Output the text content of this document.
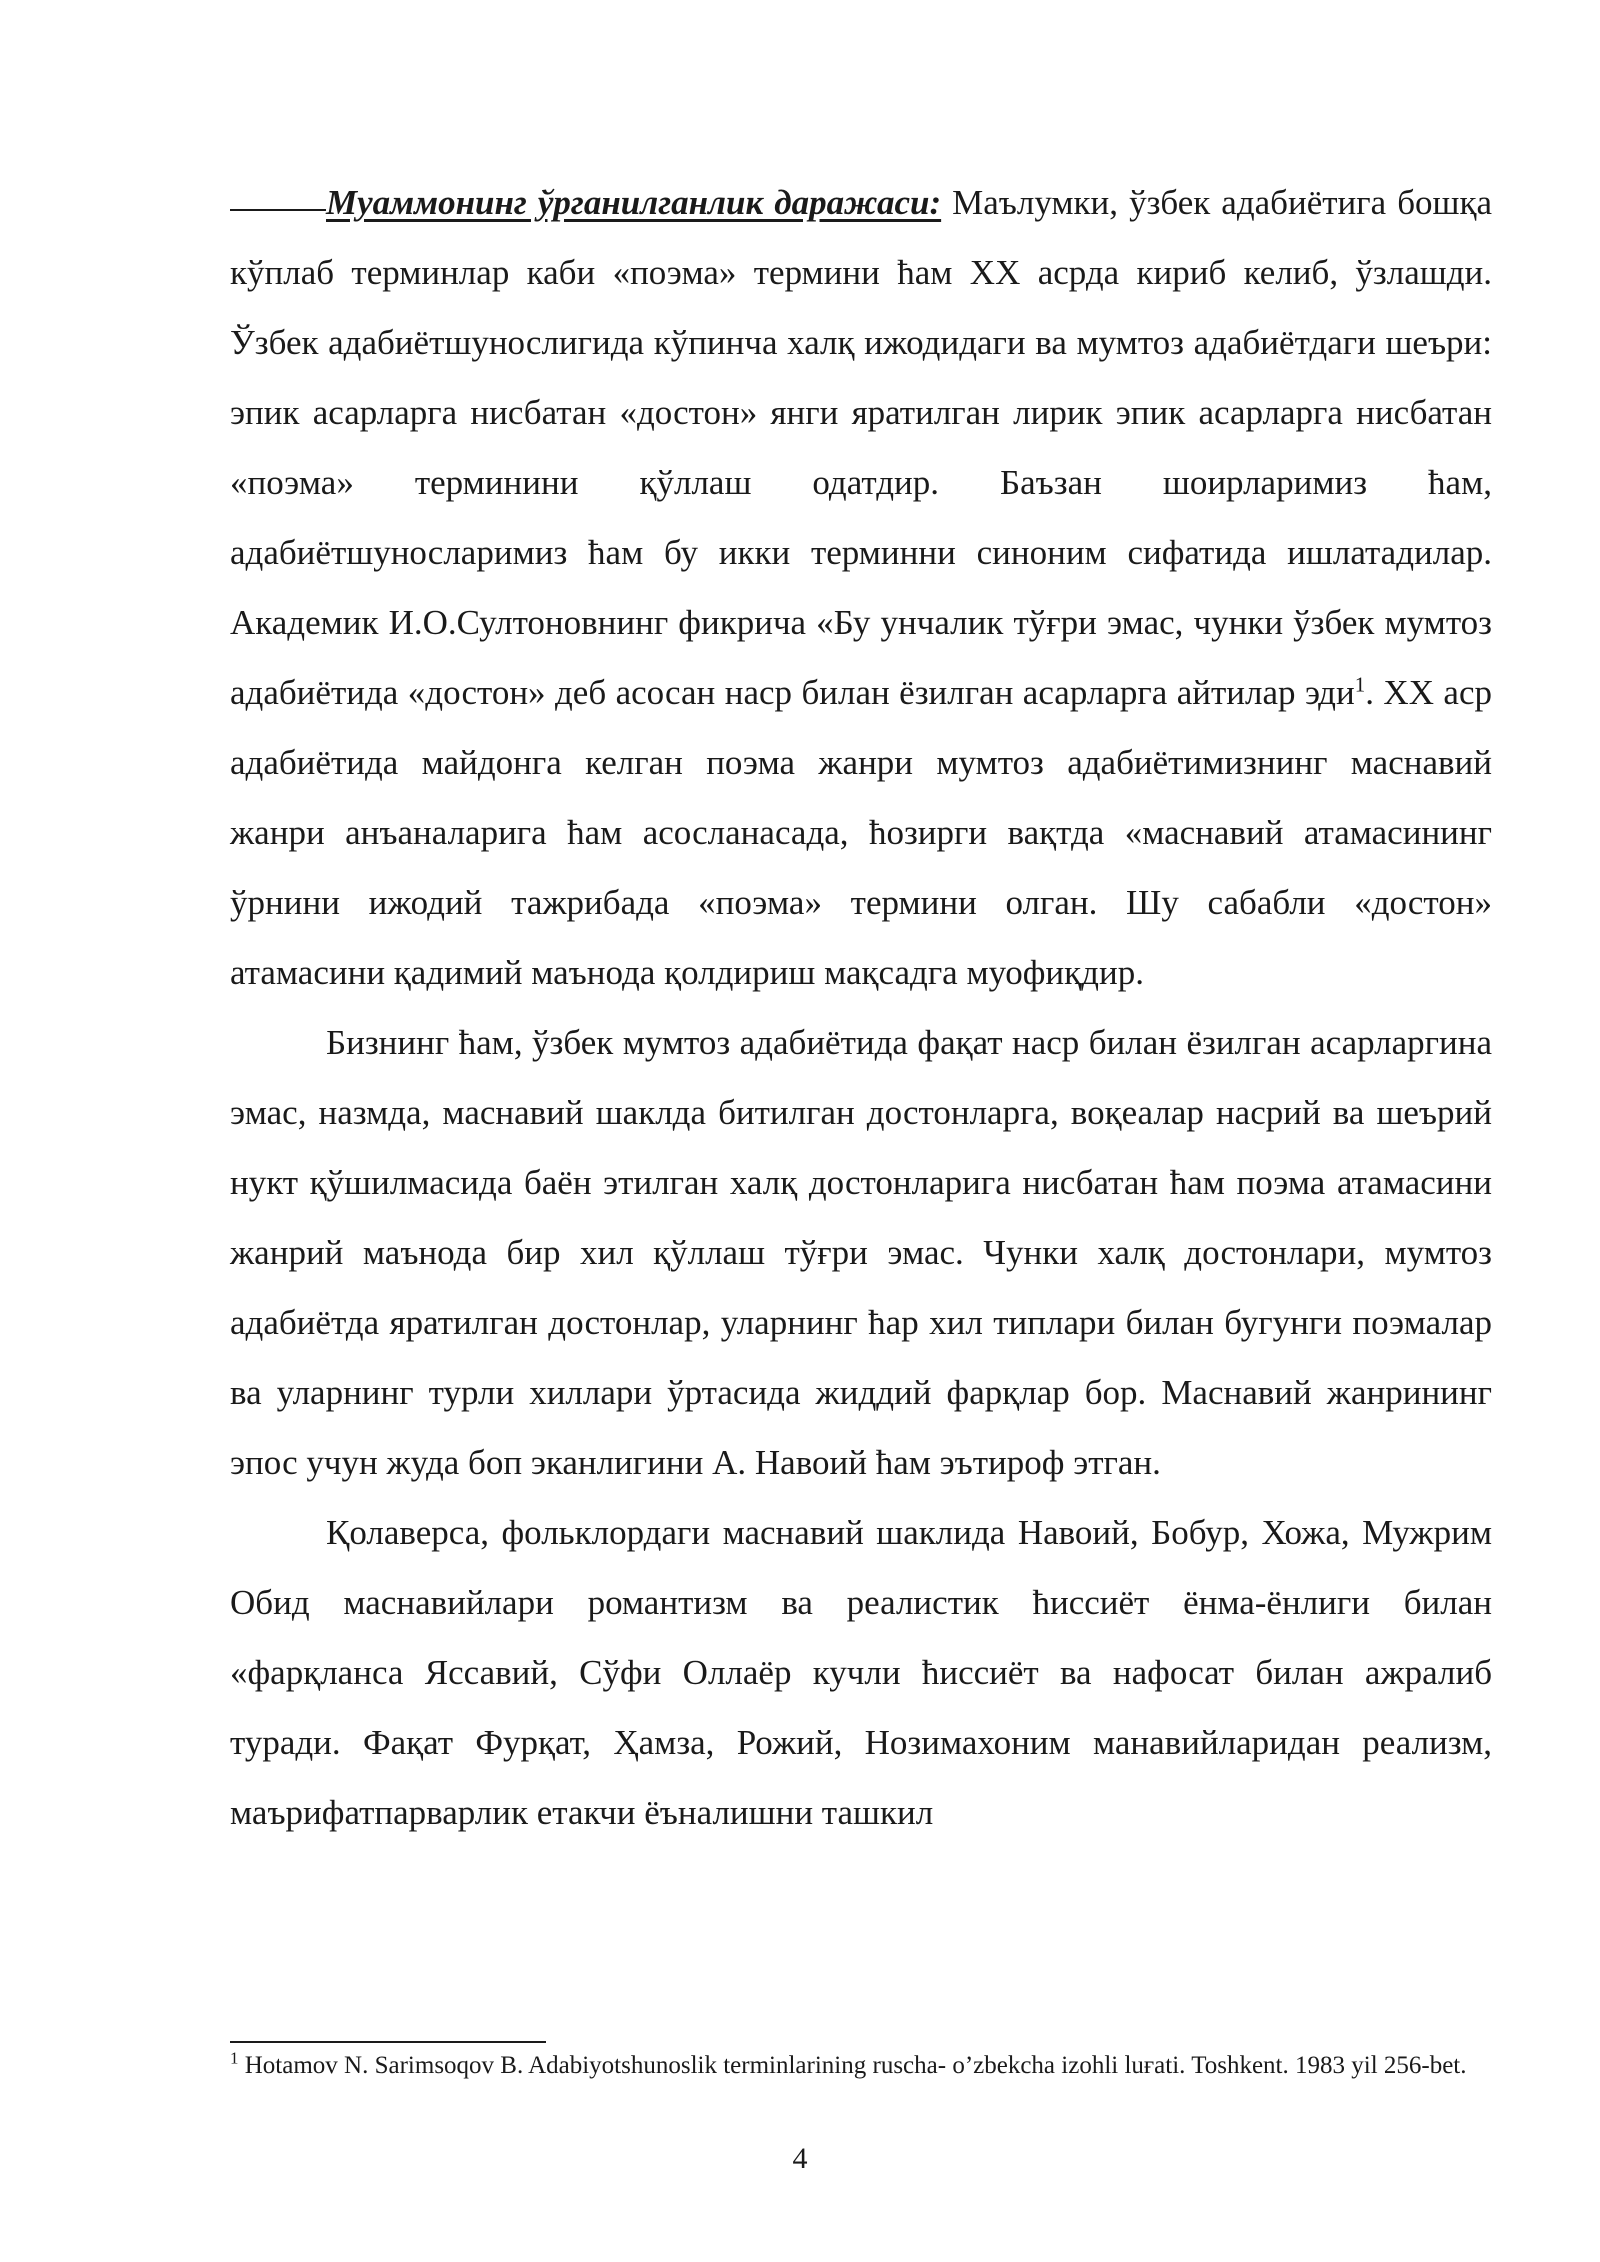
Муаммонинг ўрганилганлик даражаси: Маълумки, ўзбек адабиётига бошқа кўплаб терминлар каби «поэма» термини ћам XX асрда кириб келиб, ўзлашди. Ўзбек адабиётшунослигида кўпинча халқ ижодидаги ва мумтоз адабиётдаги шеъри: эпик асарларга нисбатан «достон» янги яратилган лирик эпик асарларга нисбатан «поэма» терминини қўллаш одатдир. Баъзан шоирларимиз ћам, адабиётшуносларимиз ћам бу икки терминни синоним сифатида ишлатадилар. Академик И.О.Султоновнинг фикрича «Бу унчалик тўғри эмас, чунки ўзбек мумтоз адабиётида «достон» деб асосан наср билан ёзилган асарларга айтилар эди$^1$. XX аср адабиётида майдонга келган поэма жанри мумтоз адабиётимизнинг маснавий жанри анъаналарига ћам асосланасада, ћозирги вақтда «маснавий атамасининг ўрнини ижодий тажрибада «поэма» термини олган. Шу сабабли «достон» атамасини қадимий маънода қолдириш мақсадга муофиқдир.

Бизнинг ћам, ўзбек мумтоз адабиётида фақат наср билан ёзилган асарларгина эмас, назмда, маснавий шаклда битилган достонларга, воқеалар насрий ва шеърий нукт қўшилмасида баён этилган халқ достонларига нисбатан ћам поэма атамасини жанрий маънода бир хил қўллаш тўғри эмас. Чунки халқ достонлари, мумтоз адабиётда яратилган достонлар, уларнинг ћар хил типлари билан бугунги поэмалар ва уларнинг турли хиллари ўртасида жиддий фарқлар бор. Маснавий жанрининг эпос учун жуда боп эканлигини А. Навоий ћам эътироф этган.

Қолаверса, фольклордаги маснавий шаклида Навоий, Бобур, Хожа, Мужрим Обид маснавийлари романтизм ва реалистик ћиссиёт ёнма-ёнлиги билан «фарқланса Яссавий, Сўфи Оллаёр кучли ћиссиёт ва нафосат билан ажралиб туради. Фақат Фурқат, Ҳамза, Рожий, Нозимахоним манавийларидан реализм, маърифатпарварлик етакчи ёъналишни ташкил

$^1$ Hotamov N. Sarimsoqov B. Adabiyotshunoslik terminlarining ruscha- o’zbekcha izohli luғati. Toshkent. 1983 yil 256-bet.
4
